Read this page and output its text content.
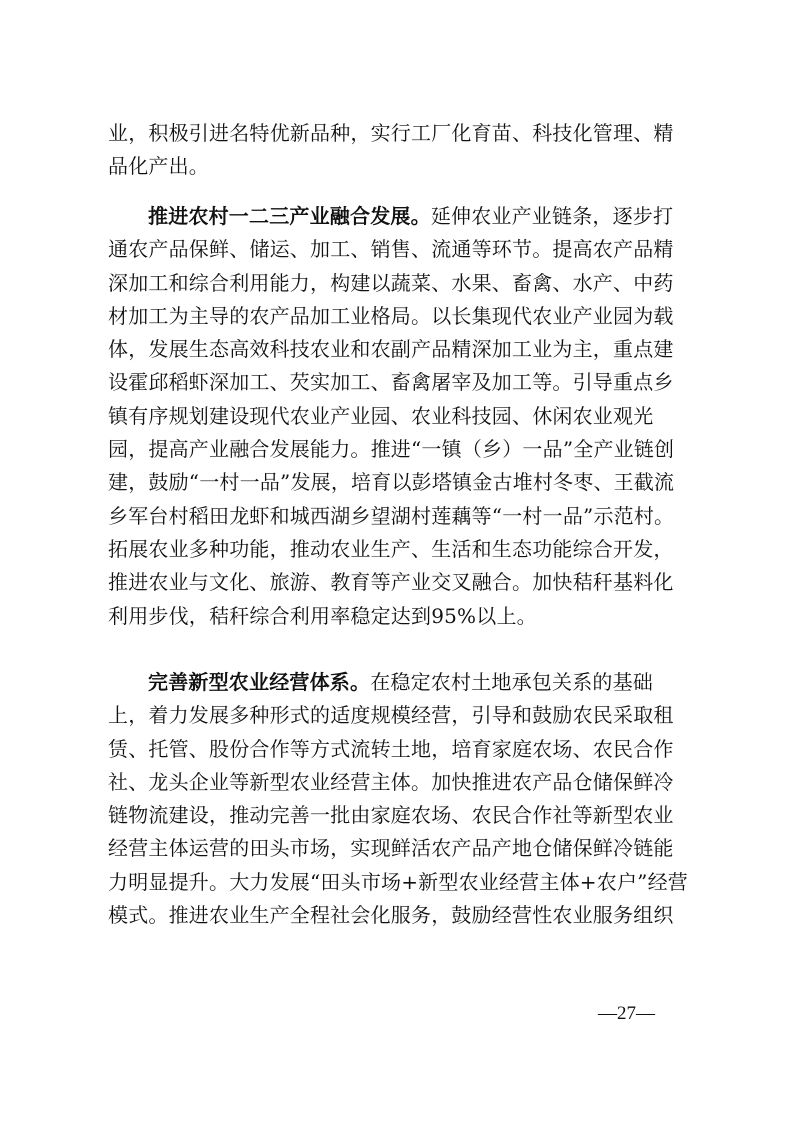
业，积极引进名特优新品种，实行工厂化育苗、科技化管理、精品化产出。
推进农村一二三产业融合发展。延伸农业产业链条，逐步打通农产品保鲜、储运、加工、销售、流通等环节。提高农产品精深加工和综合利用能力，构建以蔬菜、水果、畜禽、水产、中药材加工为主导的农产品加工业格局。以长集现代农业产业园为载体，发展生态高效科技农业和农副产品精深加工业为主，重点建设霍邱稻虾深加工、芡实加工、畜禽屠宰及加工等。引导重点乡镇有序规划建设现代农业产业园、农业科技园、休闲农业观光园，提高产业融合发展能力。推进“一镇（乡）一品”全产业链创建，鼓励“一村一品”发展，培育以彭塔镇金古堆村冬枣、王截流乡军台村稻田龙虾和城西湖乡望湖村莲藕等“一村一品”示范村。拓展农业多种功能，推动农业生产、生活和生态功能综合开发，推进农业与文化、旅游、教育等产业交叉融合。加快秸秆基料化利用步伐，秸秆综合利用率稳定达到95%以上。
完善新型农业经营体系。在稳定农村土地承包关系的基础上，着力发展多种形式的适度规模经营，引导和鼓励农民采取租赁、托管、股份合作等方式流转土地，培育家庭农场、农民合作社、龙头企业等新型农业经营主体。加快推进农产品仓储保鲜冷链物流建设，推动完善一批由家庭农场、农民合作社等新型农业经营主体运营的田头市场，实现鲜活农产品产地仓储保鲜冷链能力明显提升。大力发展“田头市场+新型农业经营主体+农户”经营模式。推进农业生产全程社会化服务，鼓励经营性农业服务组织
—27—
